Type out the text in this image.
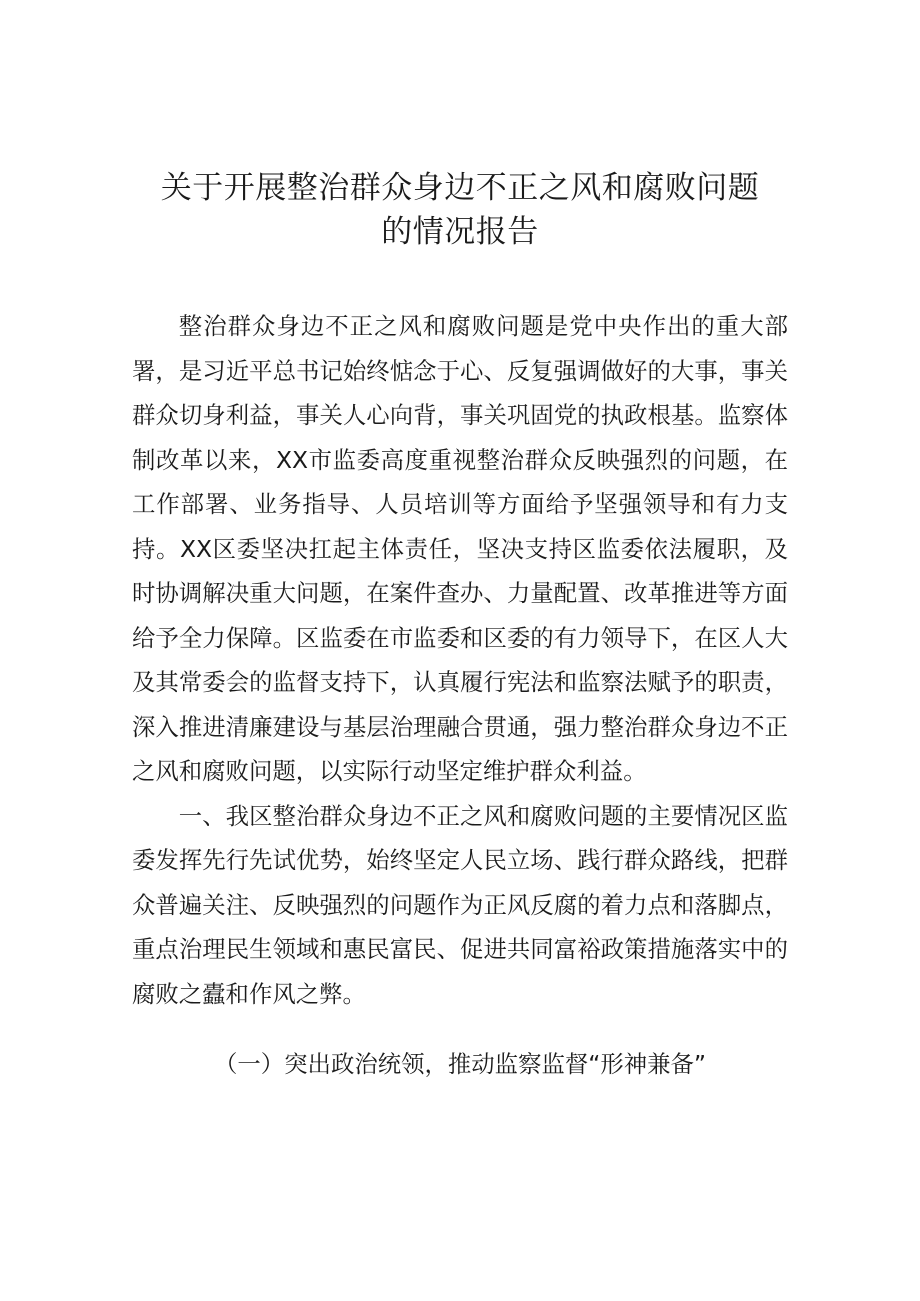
关于开展整治群众身边不正之风和腐败问题的情况报告

整治群众身边不正之风和腐败问题是党中央作出的重大部署，是习近平总书记始终惦念于心、反复强调做好的大事，事关群众切身利益，事关人心向背，事关巩固党的执政根基。监察体制改革以来，XX市监委高度重视整治群众反映强烈的问题，在工作部署、业务指导、人员培训等方面给予坚强领导和有力支持。XX区委坚决扛起主体责任，坚决支持区监委依法履职，及时协调解决重大问题，在案件查办、力量配置、改革推进等方面给予全力保障。区监委在市监委和区委的有力领导下，在区人大及其常委会的监督支持下，认真履行宪法和监察法赋予的职责，深入推进清廉建设与基层治理融合贯通，强力整治群众身边不正之风和腐败问题，以实际行动坚定维护群众利益。

一、我区整治群众身边不正之风和腐败问题的主要情况区监委发挥先行先试优势，始终坚定人民立场、践行群众路线，把群众普遍关注、反映强烈的问题作为正风反腐的着力点和落脚点，重点治理民生领域和惠民富民、促进共同富裕政策措施落实中的腐败之蠹和作风之弊。

（一）突出政治统领，推动监察监督“形神兼备”
